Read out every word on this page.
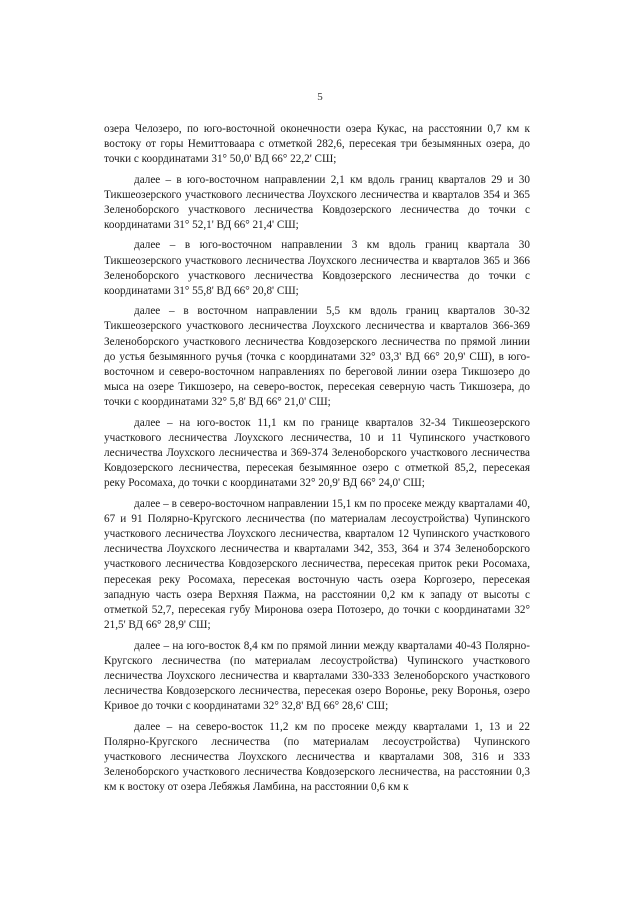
5

озера Челозеро, по юго-восточной оконечности озера Кукас, на расстоянии 0,7 км к востоку от горы Немиттоваара с отметкой 282,6, пересекая три безымянных озера, до точки с координатами 31° 50,0' ВД 66° 22,2' СШ;

далее – в юго-восточном направлении 2,1 км вдоль границ кварталов 29 и 30 Тикшеозерского участкового лесничества Лоухского лесничества и кварталов 354 и 365 Зеленоборского участкового лесничества Ковдозерского лесничества до точки с координатами 31° 52,1' ВД 66° 21,4' СШ;

далее – в юго-восточном направлении 3 км вдоль границ квартала 30 Тикшеозерского участкового лесничества Лоухского лесничества и кварталов 365 и 366 Зеленоборского участкового лесничества Ковдозерского лесничества до точки с координатами 31° 55,8' ВД 66° 20,8' СШ;

далее – в восточном направлении 5,5 км вдоль границ кварталов 30-32 Тикшеозерского участкового лесничества Лоухского лесничества и кварталов 366-369 Зеленоборского участкового лесничества Ковдозерского лесничества по прямой линии до устья безымянного ручья (точка с координатами 32° 03,3' ВД 66° 20,9' СШ), в юго-восточном и северо-восточном направлениях по береговой линии озера Тикшозеро до мыса на озере Тикшозеро, на северо-восток, пересекая северную часть Тикшозера, до точки с координатами 32° 5,8' ВД 66° 21,0' СШ;

далее – на юго-восток 11,1 км по границе кварталов 32-34 Тикшеозерского участкового лесничества Лоухского лесничества, 10 и 11 Чупинского участкового лесничества Лоухского лесничества и 369-374 Зеленоборского участкового лесничества Ковдозерского лесничества, пересекая безымянное озеро с отметкой 85,2, пересекая реку Росомаха, до точки с координатами 32° 20,9' ВД 66° 24,0' СШ;

далее – в северо-восточном направлении 15,1 км по просеке между кварталами 40, 67 и 91 Полярно-Кругского лесничества (по материалам лесоустройства) Чупинского участкового лесничества Лоухского лесничества, кварталом 12 Чупинского участкового лесничества Лоухского лесничества и кварталами 342, 353, 364 и 374 Зеленоборского участкового лесничества Ковдозерского лесничества, пересекая приток реки Росомаха, пересекая реку Росомаха, пересекая восточную часть озера Коргозеро, пересекая западную часть озера Верхняя Пажма, на расстоянии 0,2 км к западу от высоты с отметкой 52,7, пересекая губу Миронова озера Потозеро, до точки с координатами 32° 21,5' ВД 66° 28,9' СШ;

далее – на юго-восток 8,4 км по прямой линии между кварталами 40-43 Полярно-Кругского лесничества (по материалам лесоустройства) Чупинского участкового лесничества Лоухского лесничества и кварталами 330-333 Зеленоборского участкового лесничества Ковдозерского лесничества, пересекая озеро Воронье, реку Воронья, озеро Кривое до точки с координатами 32° 32,8' ВД 66° 28,6' СШ;

далее – на северо-восток 11,2 км по просеке между кварталами 1, 13 и 22 Полярно-Кругского лесничества (по материалам лесоустройства) Чупинского участкового лесничества Лоухского лесничества и кварталами 308, 316 и 333 Зеленоборского участкового лесничества Ковдозерского лесничества, на расстоянии 0,3 км к востоку от озера Лебяжья Ламбина, на расстоянии 0,6 км к
